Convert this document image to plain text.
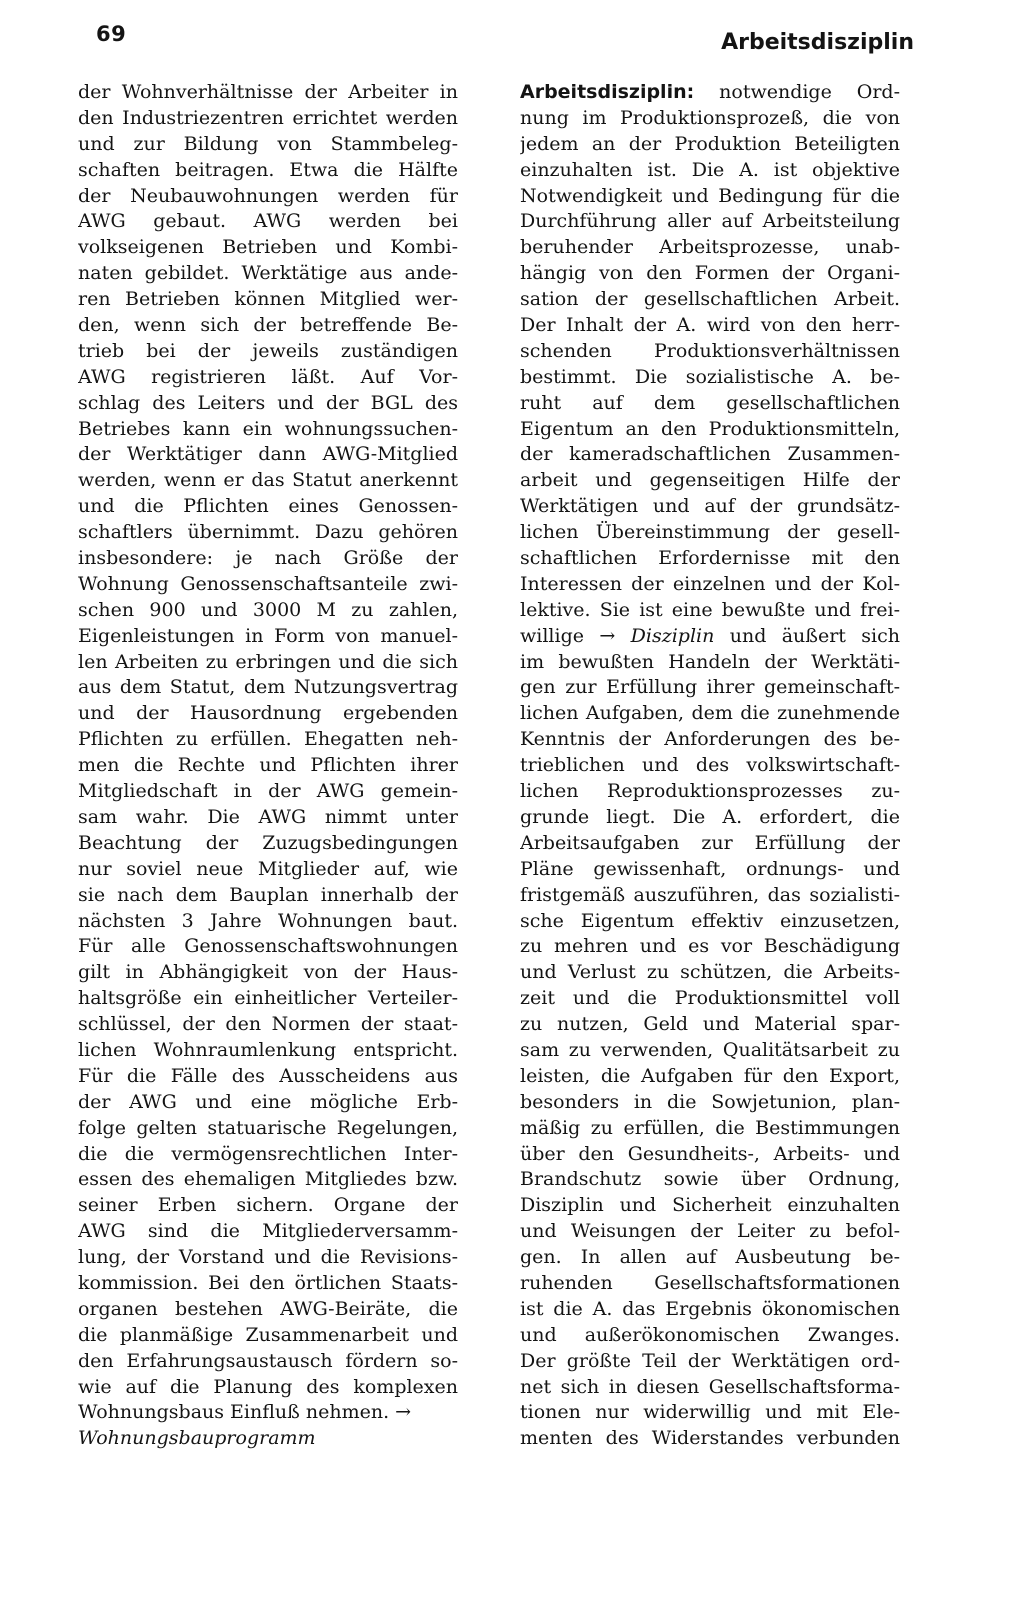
69	Arbeitsdisziplin
der Wohnverhältnisse der Arbeiter in
den Industriezentren errichtet werden
und zur Bildung von Stammbeleg-
schaften beitragen. Etwa die Hälfte
der Neubauwohnungen werden für
AWG gebaut. AWG werden bei
volkseigenen Betrieben und Kombi-
naten gebildet. Werktätige aus ande-
ren Betrieben können Mitglied wer-
den, wenn sich der betreffende Be-
trieb bei der jeweils zuständigen
AWG registrieren läßt. Auf Vor-
schlag des Leiters und der BGL des
Betriebes kann ein wohnungssuchen-
der Werktätiger dann AWG-Mitglied
werden, wenn er das Statut anerkennt
und die Pflichten eines Genossen-
schaftlers übernimmt. Dazu gehören
insbesondere: je nach Größe der
Wohnung Genossenschaftsanteile zwi-
schen 900 und 3000 M zu zahlen,
Eigenleistungen in Form von manuel-
len Arbeiten zu erbringen und die sich
aus dem Statut, dem Nutzungsvertrag
und der Hausordnung ergebenden
Pflichten zu erfüllen. Ehegatten neh-
men die Rechte und Pflichten ihrer
Mitgliedschaft in der AWG gemein-
sam wahr. Die AWG nimmt unter
Beachtung der Zuzugsbedingungen
nur soviel neue Mitglieder auf, wie
sie nach dem Bauplan innerhalb der
nächsten 3 Jahre Wohnungen baut.
Für alle Genossenschaftswohnungen
gilt in Abhängigkeit von der Haus-
haltsgröße ein einheitlicher Verteiler-
schlüssel, der den Normen der staat-
lichen Wohnraumlenkung entspricht.
Für die Fälle des Ausscheidens aus
der AWG und eine mögliche Erb-
folge gelten statuarische Regelungen,
die die vermögensrechtlichen Inter-
essen des ehemaligen Mitgliedes bzw.
seiner Erben sichern. Organe der
AWG sind die Mitgliederversamm-
lung, der Vorstand und die Revisions-
kommission. Bei den örtlichen Staats-
organen bestehen AWG-Beiräte, die
die planmäßige Zusammenarbeit und
den Erfahrungsaustausch fördern so-
wie auf die Planung des komplexen
Wohnungsbaus Einfluß nehmen. →
Wohnungsbauprogramm
Arbeitsdisziplin: notwendige Ord-
nung im Produktionsprozeß, die von
jedem an der Produktion Beteiligten
einzuhalten ist. Die A. ist objektive
Notwendigkeit und Bedingung für die
Durchführung aller auf Arbeitsteilung
beruhender Arbeitsprozesse, unab-
hängig von den Formen der Organi-
sation der gesellschaftlichen Arbeit.
Der Inhalt der A. wird von den herr-
schenden Produktionsverhältnissen
bestimmt. Die sozialistische A. be-
ruht auf dem gesellschaftlichen
Eigentum an den Produktionsmitteln,
der kameradschaftlichen Zusammen-
arbeit und gegenseitigen Hilfe der
Werktätigen und auf der grundsätz-
lichen Übereinstimmung der gesell-
schaftlichen Erfordernisse mit den
Interessen der einzelnen und der Kol-
lektive. Sie ist eine bewußte und frei-
willige → Disziplin und äußert sich
im bewußten Handeln der Werktäti-
gen zur Erfüllung ihrer gemeinschaft-
lichen Aufgaben, dem die zunehmende
Kenntnis der Anforderungen des be-
trieblichen und des volkswirtschaft-
lichen Reproduktionsprozesses zu-
grunde liegt. Die A. erfordert, die
Arbeitsaufgaben zur Erfüllung der
Pläne gewissenhaft, ordnungs- und
fristgemäß auszuführen, das sozialisti-
sche Eigentum effektiv einzusetzen,
zu mehren und es vor Beschädigung
und Verlust zu schützen, die Arbeits-
zeit und die Produktionsmittel voll
zu nutzen, Geld und Material spar-
sam zu verwenden, Qualitätsarbeit zu
leisten, die Aufgaben für den Export,
besonders in die Sowjetunion, plan-
mäßig zu erfüllen, die Bestimmungen
über den Gesundheits-, Arbeits- und
Brandschutz sowie über Ordnung,
Disziplin und Sicherheit einzuhalten
und Weisungen der Leiter zu befol-
gen. In allen auf Ausbeutung be-
ruhenden Gesellschaftsformationen
ist die A. das Ergebnis ökonomischen
und außerökonomischen Zwanges.
Der größte Teil der Werktätigen ord-
net sich in diesen Gesellschaftsforma-
tionen nur widerwillig und mit Ele-
menten des Widerstandes verbunden
